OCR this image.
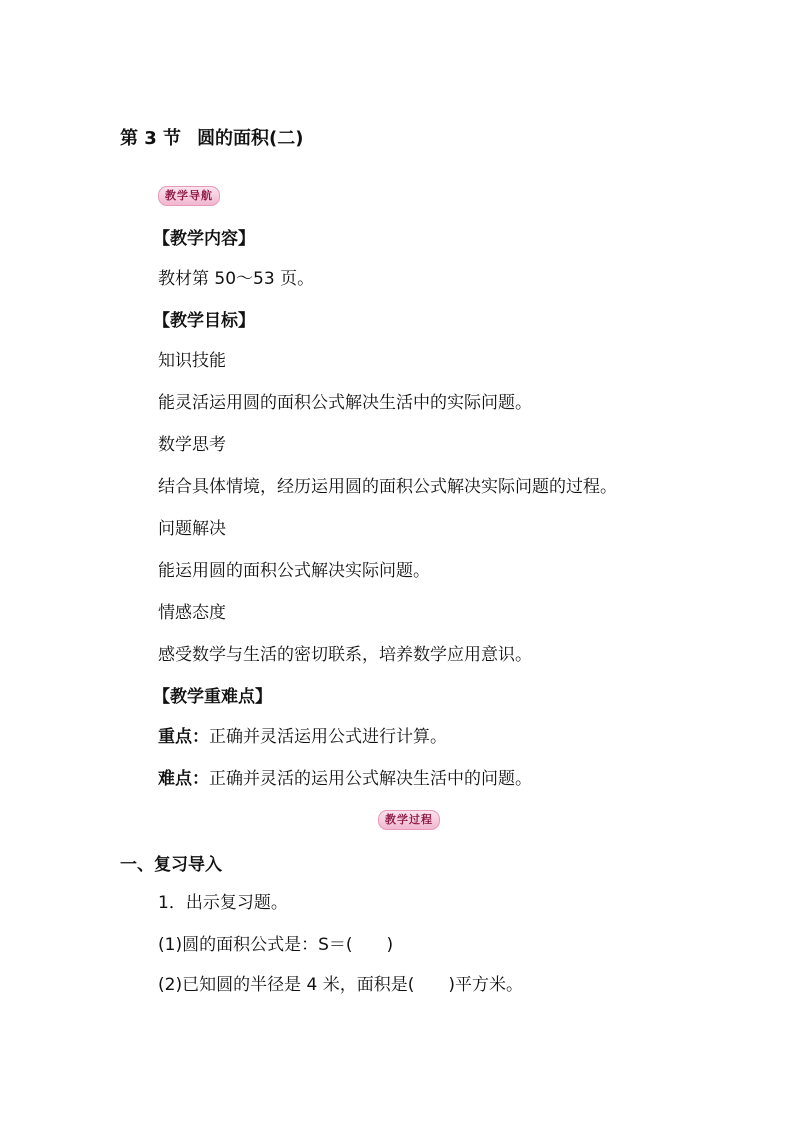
第 3 节 圆的面积(二)
教学导航
【教学内容】
教材第 50～53 页。
【教学目标】
知识技能
能灵活运用圆的面积公式解决生活中的实际问题。
数学思考
结合具体情境，经历运用圆的面积公式解决实际问题的过程。
问题解决
能运用圆的面积公式解决实际问题。
情感态度
感受数学与生活的密切联系，培养数学应用意识。
【教学重难点】
重点：正确并灵活运用公式进行计算。
难点：正确并灵活的运用公式解决生活中的问题。
教学过程
一、复习导入
1．出示复习题。
(1)圆的面积公式是：S＝(　　)
(2)已知圆的半径是 4 米，面积是(　　)平方米。
